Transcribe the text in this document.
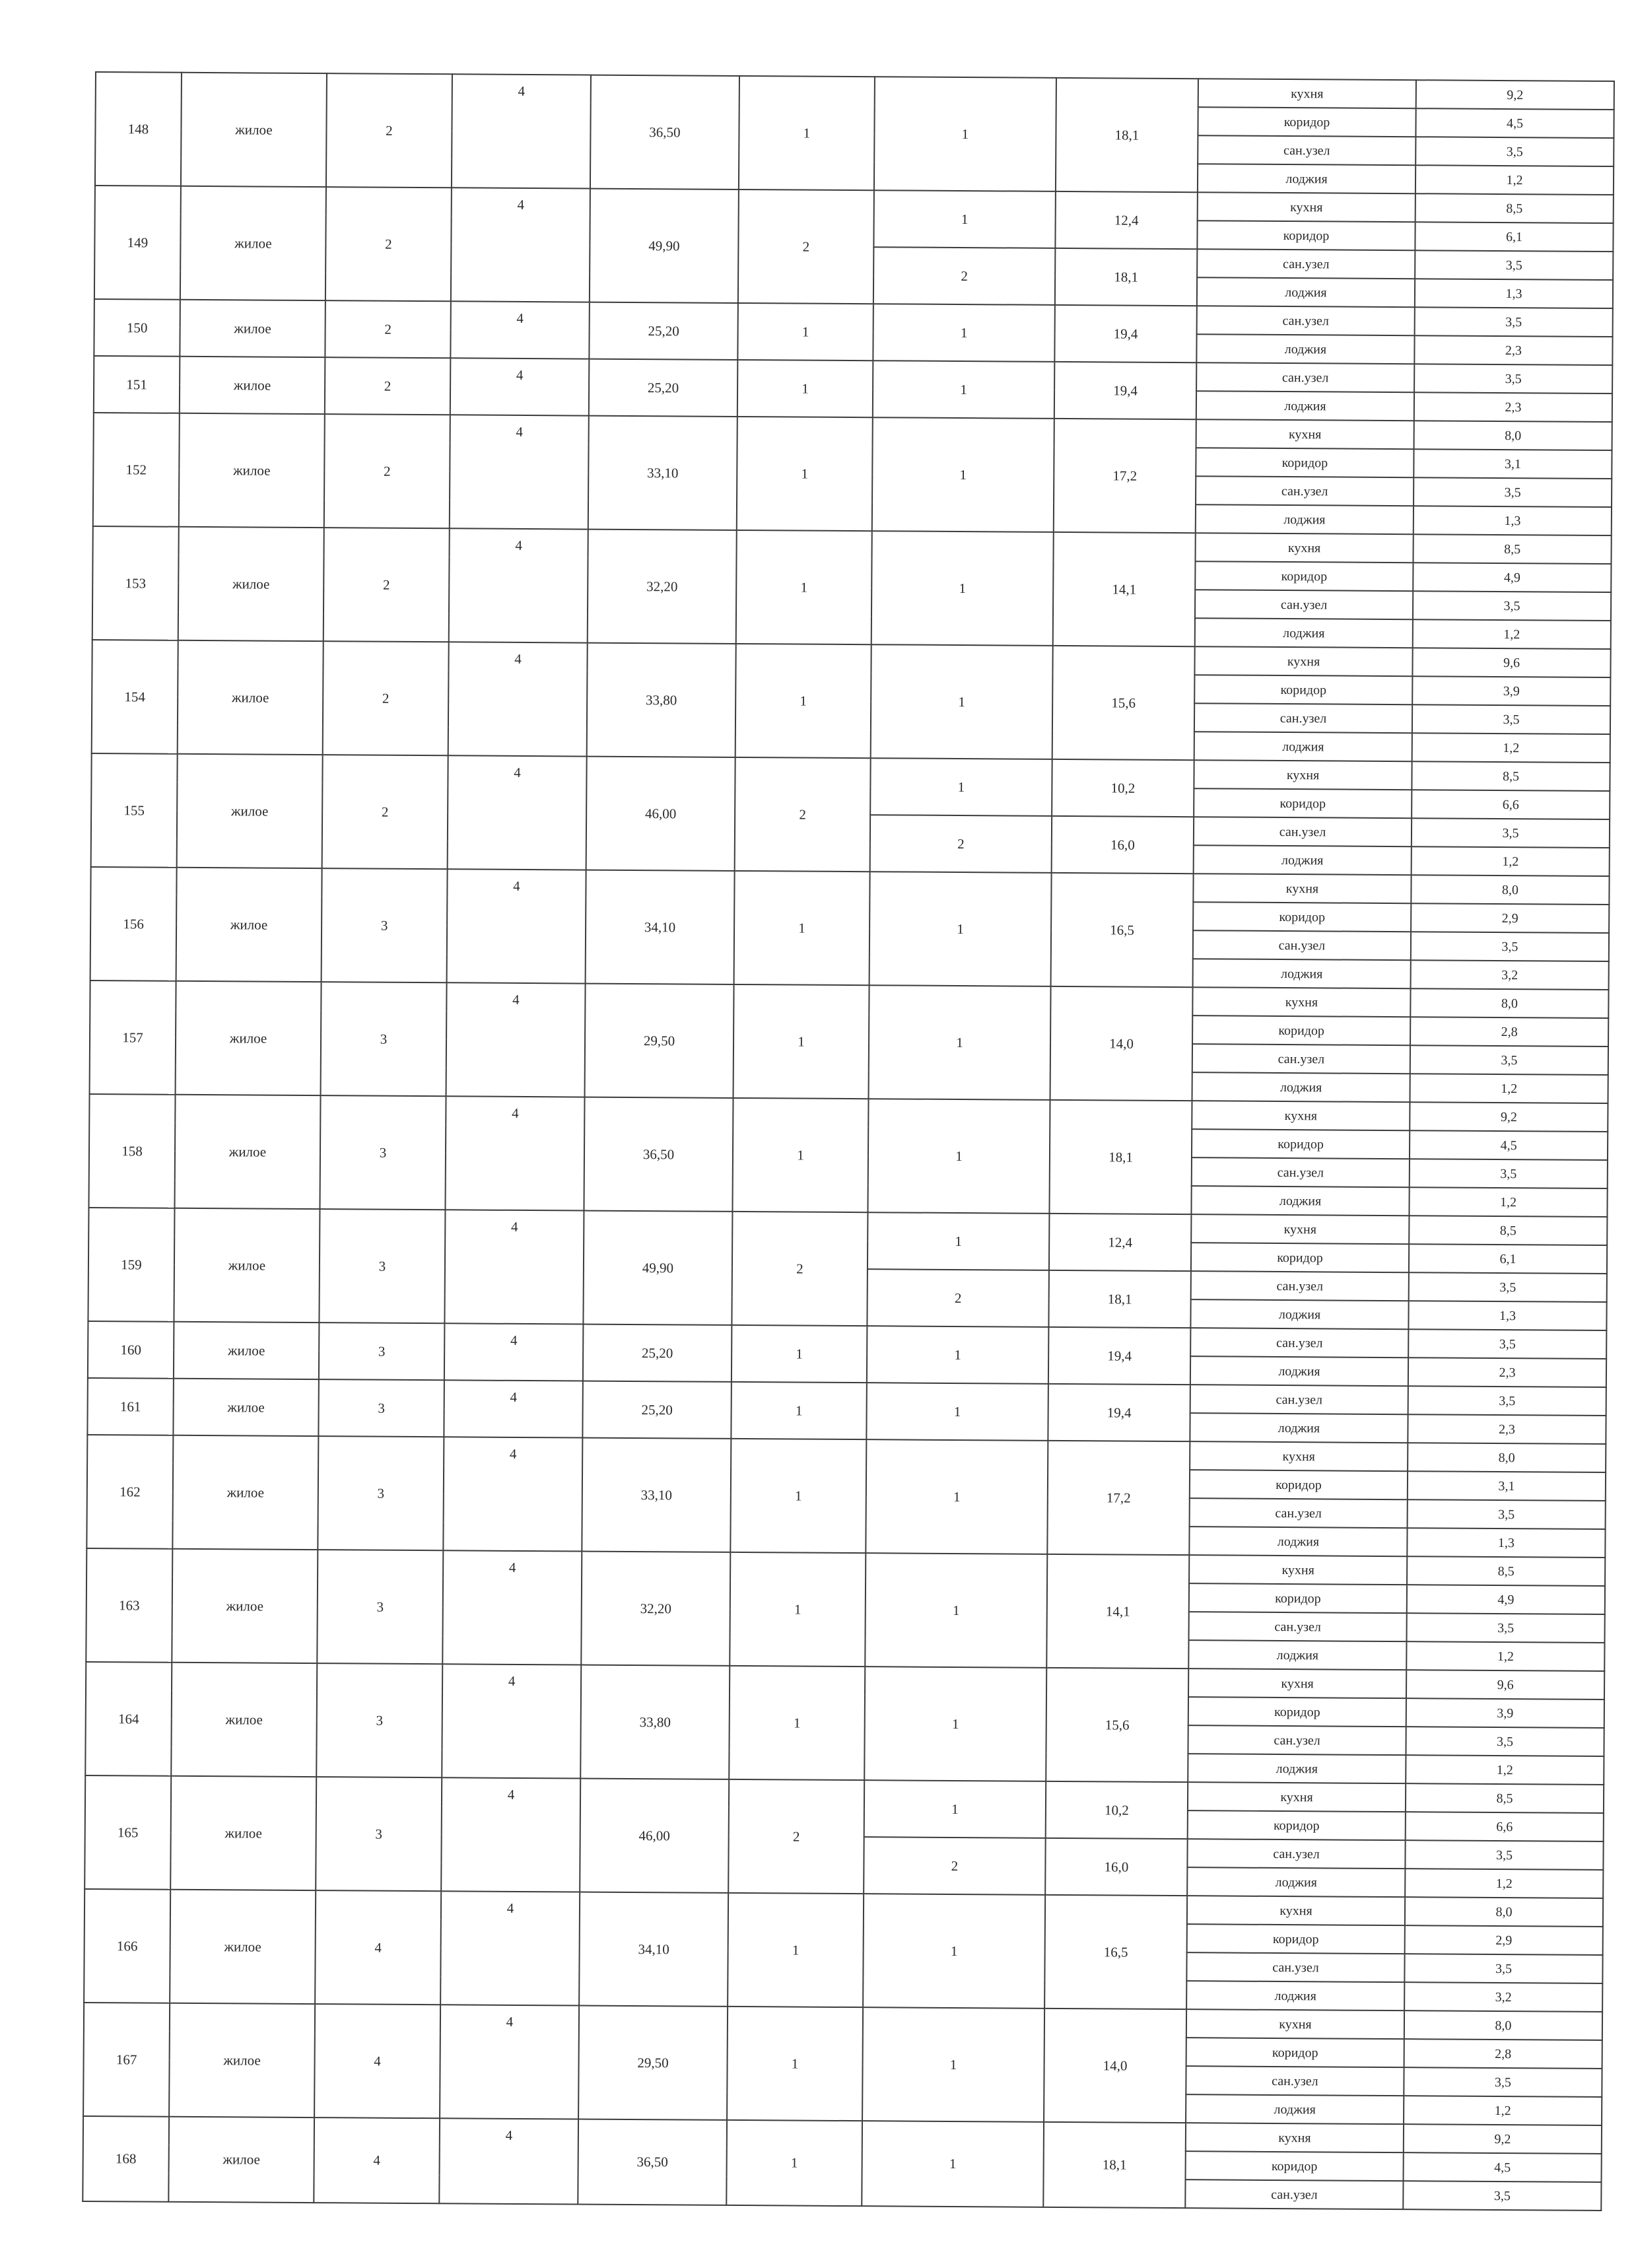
148	жилое	2	4	36,50	1	1	18,1	кухня	9,2
								коридор	4,5
								сан.узел	3,5
								лоджия	1,2
149	жилое	2	4	49,90	2	1	12,4	кухня	8,5
								коридор	6,1
						2	18,1	сан.узел	3,5
								лоджия	1,3
150	жилое	2	4	25,20	1	1	19,4	сан.узел	3,5
								лоджия	2,3
151	жилое	2	4	25,20	1	1	19,4	сан.узел	3,5
								лоджия	2,3
152	жилое	2	4	33,10	1	1	17,2	кухня	8,0
								коридор	3,1
								сан.узел	3,5
								лоджия	1,3
153	жилое	2	4	32,20	1	1	14,1	кухня	8,5
								коридор	4,9
								сан.узел	3,5
								лоджия	1,2
154	жилое	2	4	33,80	1	1	15,6	кухня	9,6
								коридор	3,9
								сан.узел	3,5
								лоджия	1,2
155	жилое	2	4	46,00	2	1	10,2	кухня	8,5
								коридор	6,6
						2	16,0	сан.узел	3,5
								лоджия	1,2
156	жилое	3	4	34,10	1	1	16,5	кухня	8,0
								коридор	2,9
								сан.узел	3,5
								лоджия	3,2
157	жилое	3	4	29,50	1	1	14,0	кухня	8,0
								коридор	2,8
								сан.узел	3,5
								лоджия	1,2
158	жилое	3	4	36,50	1	1	18,1	кухня	9,2
								коридор	4,5
								сан.узел	3,5
								лоджия	1,2
159	жилое	3	4	49,90	2	1	12,4	кухня	8,5
								коридор	6,1
						2	18,1	сан.узел	3,5
								лоджия	1,3
160	жилое	3	4	25,20	1	1	19,4	сан.узел	3,5
								лоджия	2,3
161	жилое	3	4	25,20	1	1	19,4	сан.узел	3,5
								лоджия	2,3
162	жилое	3	4	33,10	1	1	17,2	кухня	8,0
								коридор	3,1
								сан.узел	3,5
								лоджия	1,3
163	жилое	3	4	32,20	1	1	14,1	кухня	8,5
								коридор	4,9
								сан.узел	3,5
								лоджия	1,2
164	жилое	3	4	33,80	1	1	15,6	кухня	9,6
								коридор	3,9
								сан.узел	3,5
								лоджия	1,2
165	жилое	3	4	46,00	2	1	10,2	кухня	8,5
								коридор	6,6
						2	16,0	сан.узел	3,5
								лоджия	1,2
166	жилое	4	4	34,10	1	1	16,5	кухня	8,0
								коридор	2,9
								сан.узел	3,5
								лоджия	3,2
167	жилое	4	4	29,50	1	1	14,0	кухня	8,0
								коридор	2,8
								сан.узел	3,5
								лоджия	1,2
168	жилое	4	4	36,50	1	1	18,1	кухня	9,2
								коридор	4,5
								сан.узел	3,5
